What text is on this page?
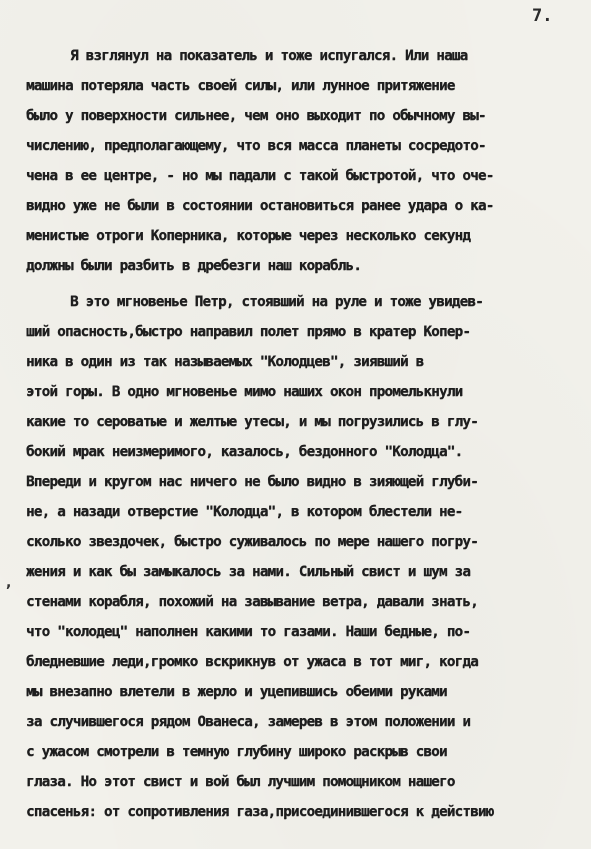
7.
,
Я взглянул на показатель и тоже испугался. Или наша
машина потеряла часть своей силы, или лунное притяжение
было у поверхности сильнее, чем оно выходит по обычному вы-
числению, предполагающему, что вся масса планеты сосредото-
чена в ее центре, - но мы падали с такой быстротой, что оче-
видно уже не были в состоянии остановиться ранее удара о ка-
менистые отроги Коперника, которые через несколько секунд
должны были разбить в дребезги наш корабль.
В это мгновенье Петр, стоявший на руле и тоже увидев-
ший опасность,быстро направил полет прямо в кратер Копер-
ника в один из так называемых "Колодцев", зиявший в
этой горы. В одно мгновенье мимо наших окон промелькнули
какие то сероватые и желтые утесы, и мы погрузились в глу-
бокий мрак неизмеримого, казалось, бездонного "Колодца".
Впереди и кругом нас ничего не было видно в зияющей глуби-
не, а назади отверстие "Колодца", в котором блестели не-
сколько звездочек, быстро суживалось по мере нашего погру-
жения и как бы замыкалось за нами. Сильный свист и шум за
стенами корабля, похожий на завывание ветра, давали знать,
что "колодец" наполнен какими то газами. Наши бедные, по-
бледневшие леди,громко вскрикнув от ужаса в тот миг, когда
мы внезапно влетели в жерло и уцепившись обеими руками
за случившегося рядом Ованеса, замерев в этом положении и
с ужасом смотрели в темную глубину широко раскрыв свои
глаза. Но этот свист и вой был лучшим помощником нашего
спасенья: от сопротивления газа,присоединившегося к действию
